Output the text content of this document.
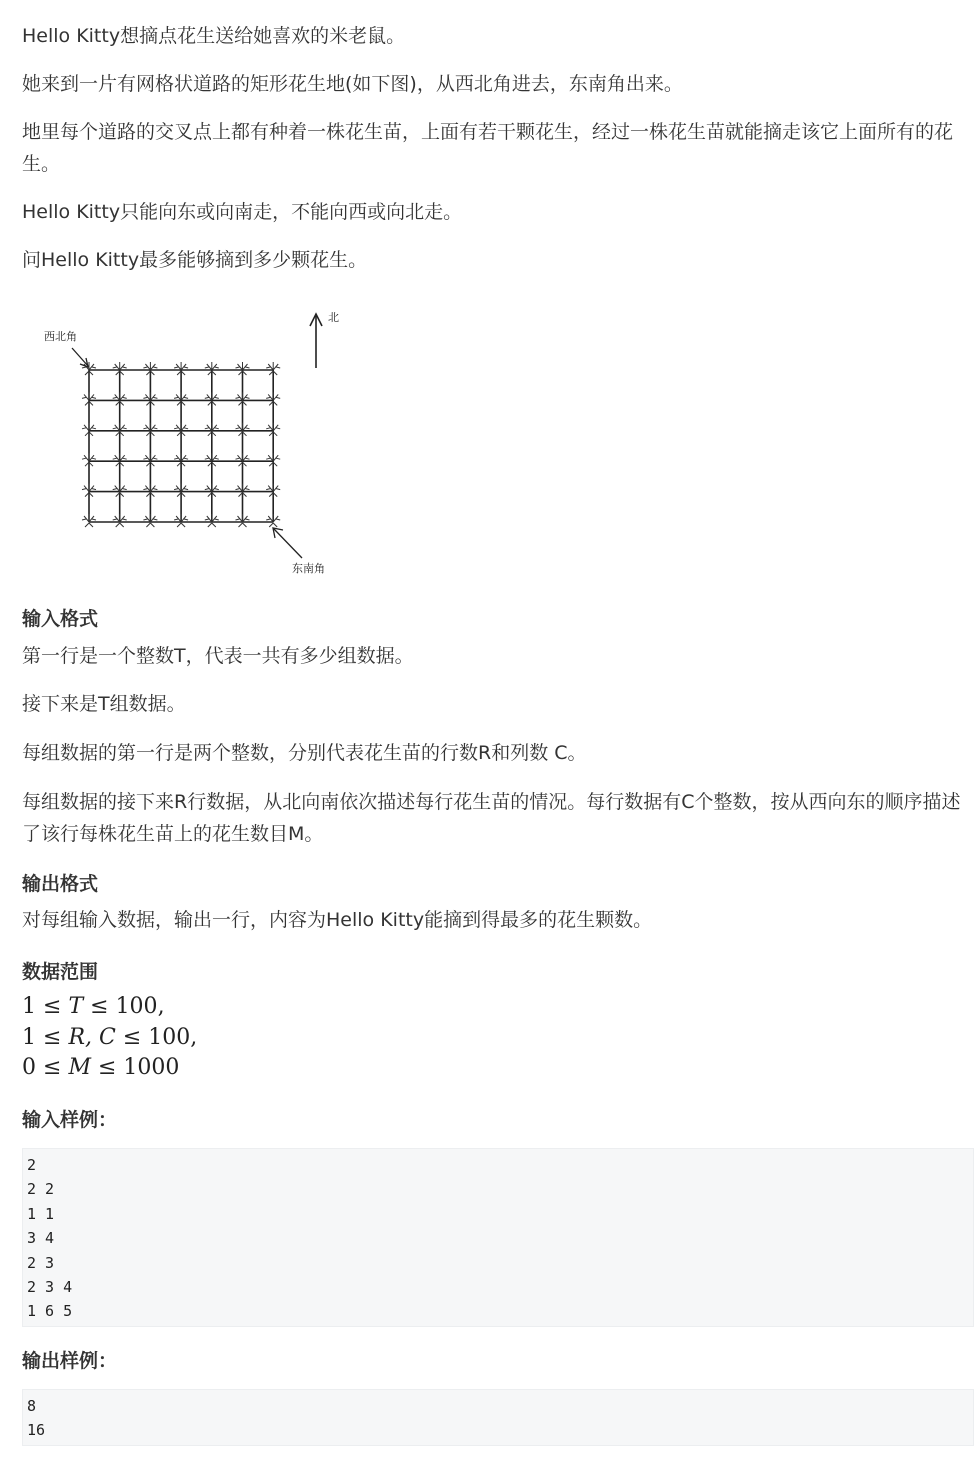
Hello Kitty想摘点花生送给她喜欢的米老鼠。

她来到一片有网格状道路的矩形花生地(如下图)，从西北角进去，东南角出来。

地里每个道路的交叉点上都有种着一株花生苗，上面有若干颗花生，经过一株花生苗就能摘走该它上面所有的花生。

Hello Kitty只能向东或向南走，不能向西或向北走。

问Hello Kitty最多能够摘到多少颗花生。

北
西北角
东南角
输入格式

第一行是一个整数T，代表一共有多少组数据。

接下来是T组数据。

每组数据的第一行是两个整数，分别代表花生苗的行数R和列数 C。

每组数据的接下来R行数据，从北向南依次描述每行花生苗的情况。每行数据有C个整数，按从西向东的顺序描述了该行每株花生苗上的花生数目M。

输出格式

对每组输入数据，输出一行，内容为Hello Kitty能摘到得最多的花生颗数。

数据范围
1 ≤ T ≤ 100,
1 ≤ R, C ≤ 100,
0 ≤ M ≤ 1000
输入样例：
2
2 2
1 1
3 4
2 3
2 3 4
1 6 5
输出样例：
8
16
